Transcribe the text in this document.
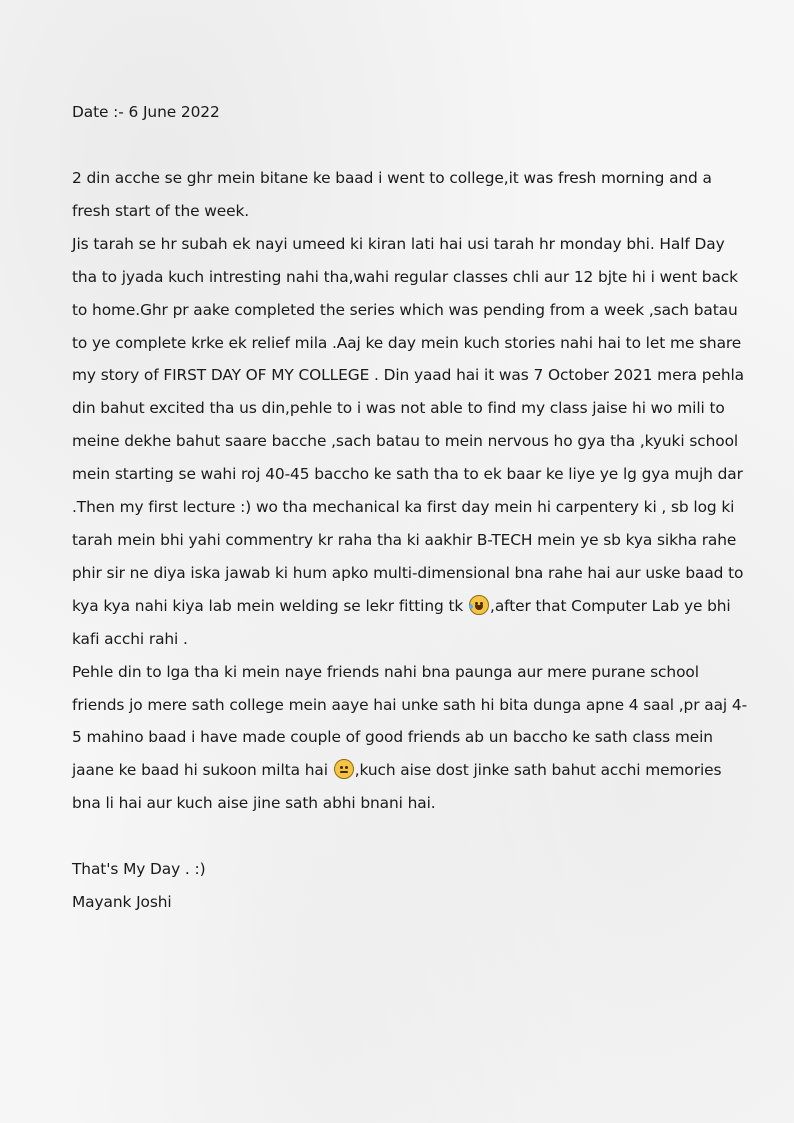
Date :- 6 June 2022

2 din acche se ghr mein bitane ke baad i went to college,it was fresh morning and a fresh start of the week.

Jis tarah se hr subah ek nayi umeed ki kiran lati hai usi tarah hr monday bhi. Half Day tha to jyada kuch intresting nahi tha,wahi regular classes chli aur 12 bjte hi i went back to home.Ghr pr aake completed the series which was pending from a week ,sach batau to ye complete krke ek relief mila .Aaj ke day mein kuch stories nahi hai to let me share my story of FIRST DAY OF MY COLLEGE . Din yaad hai it was 7 October 2021 mera pehla din bahut excited tha us din,pehle to i was not able to find my class jaise hi wo mili to meine dekhe bahut saare bacche ,sach batau to mein nervous ho gya tha ,kyuki school mein starting se wahi roj 40-45 baccho ke sath tha to ek baar ke liye ye lg gya mujh dar .Then my first lecture :) wo tha mechanical ka first day mein hi carpentery ki , sb log ki tarah mein bhi yahi commentry kr raha tha ki aakhir B-TECH mein ye sb kya sikha rahe phir sir ne diya iska jawab ki hum apko multi-dimensional bna rahe hai aur uske baad to kya kya nahi kiya lab mein welding se lekr fitting tk ,after that Computer Lab ye bhi kafi acchi rahi .

Pehle din to lga tha ki mein naye friends nahi bna paunga aur mere purane school friends jo mere sath college mein aaye hai unke sath hi bita dunga apne 4 saal ,pr aaj 4-5 mahino baad i have made couple of good friends ab un baccho ke sath class mein jaane ke baad hi sukoon milta hai ,kuch aise dost jinke sath bahut acchi memories bna li hai aur kuch aise jine sath abhi bnani hai.

That's My Day . :)

Mayank Joshi
